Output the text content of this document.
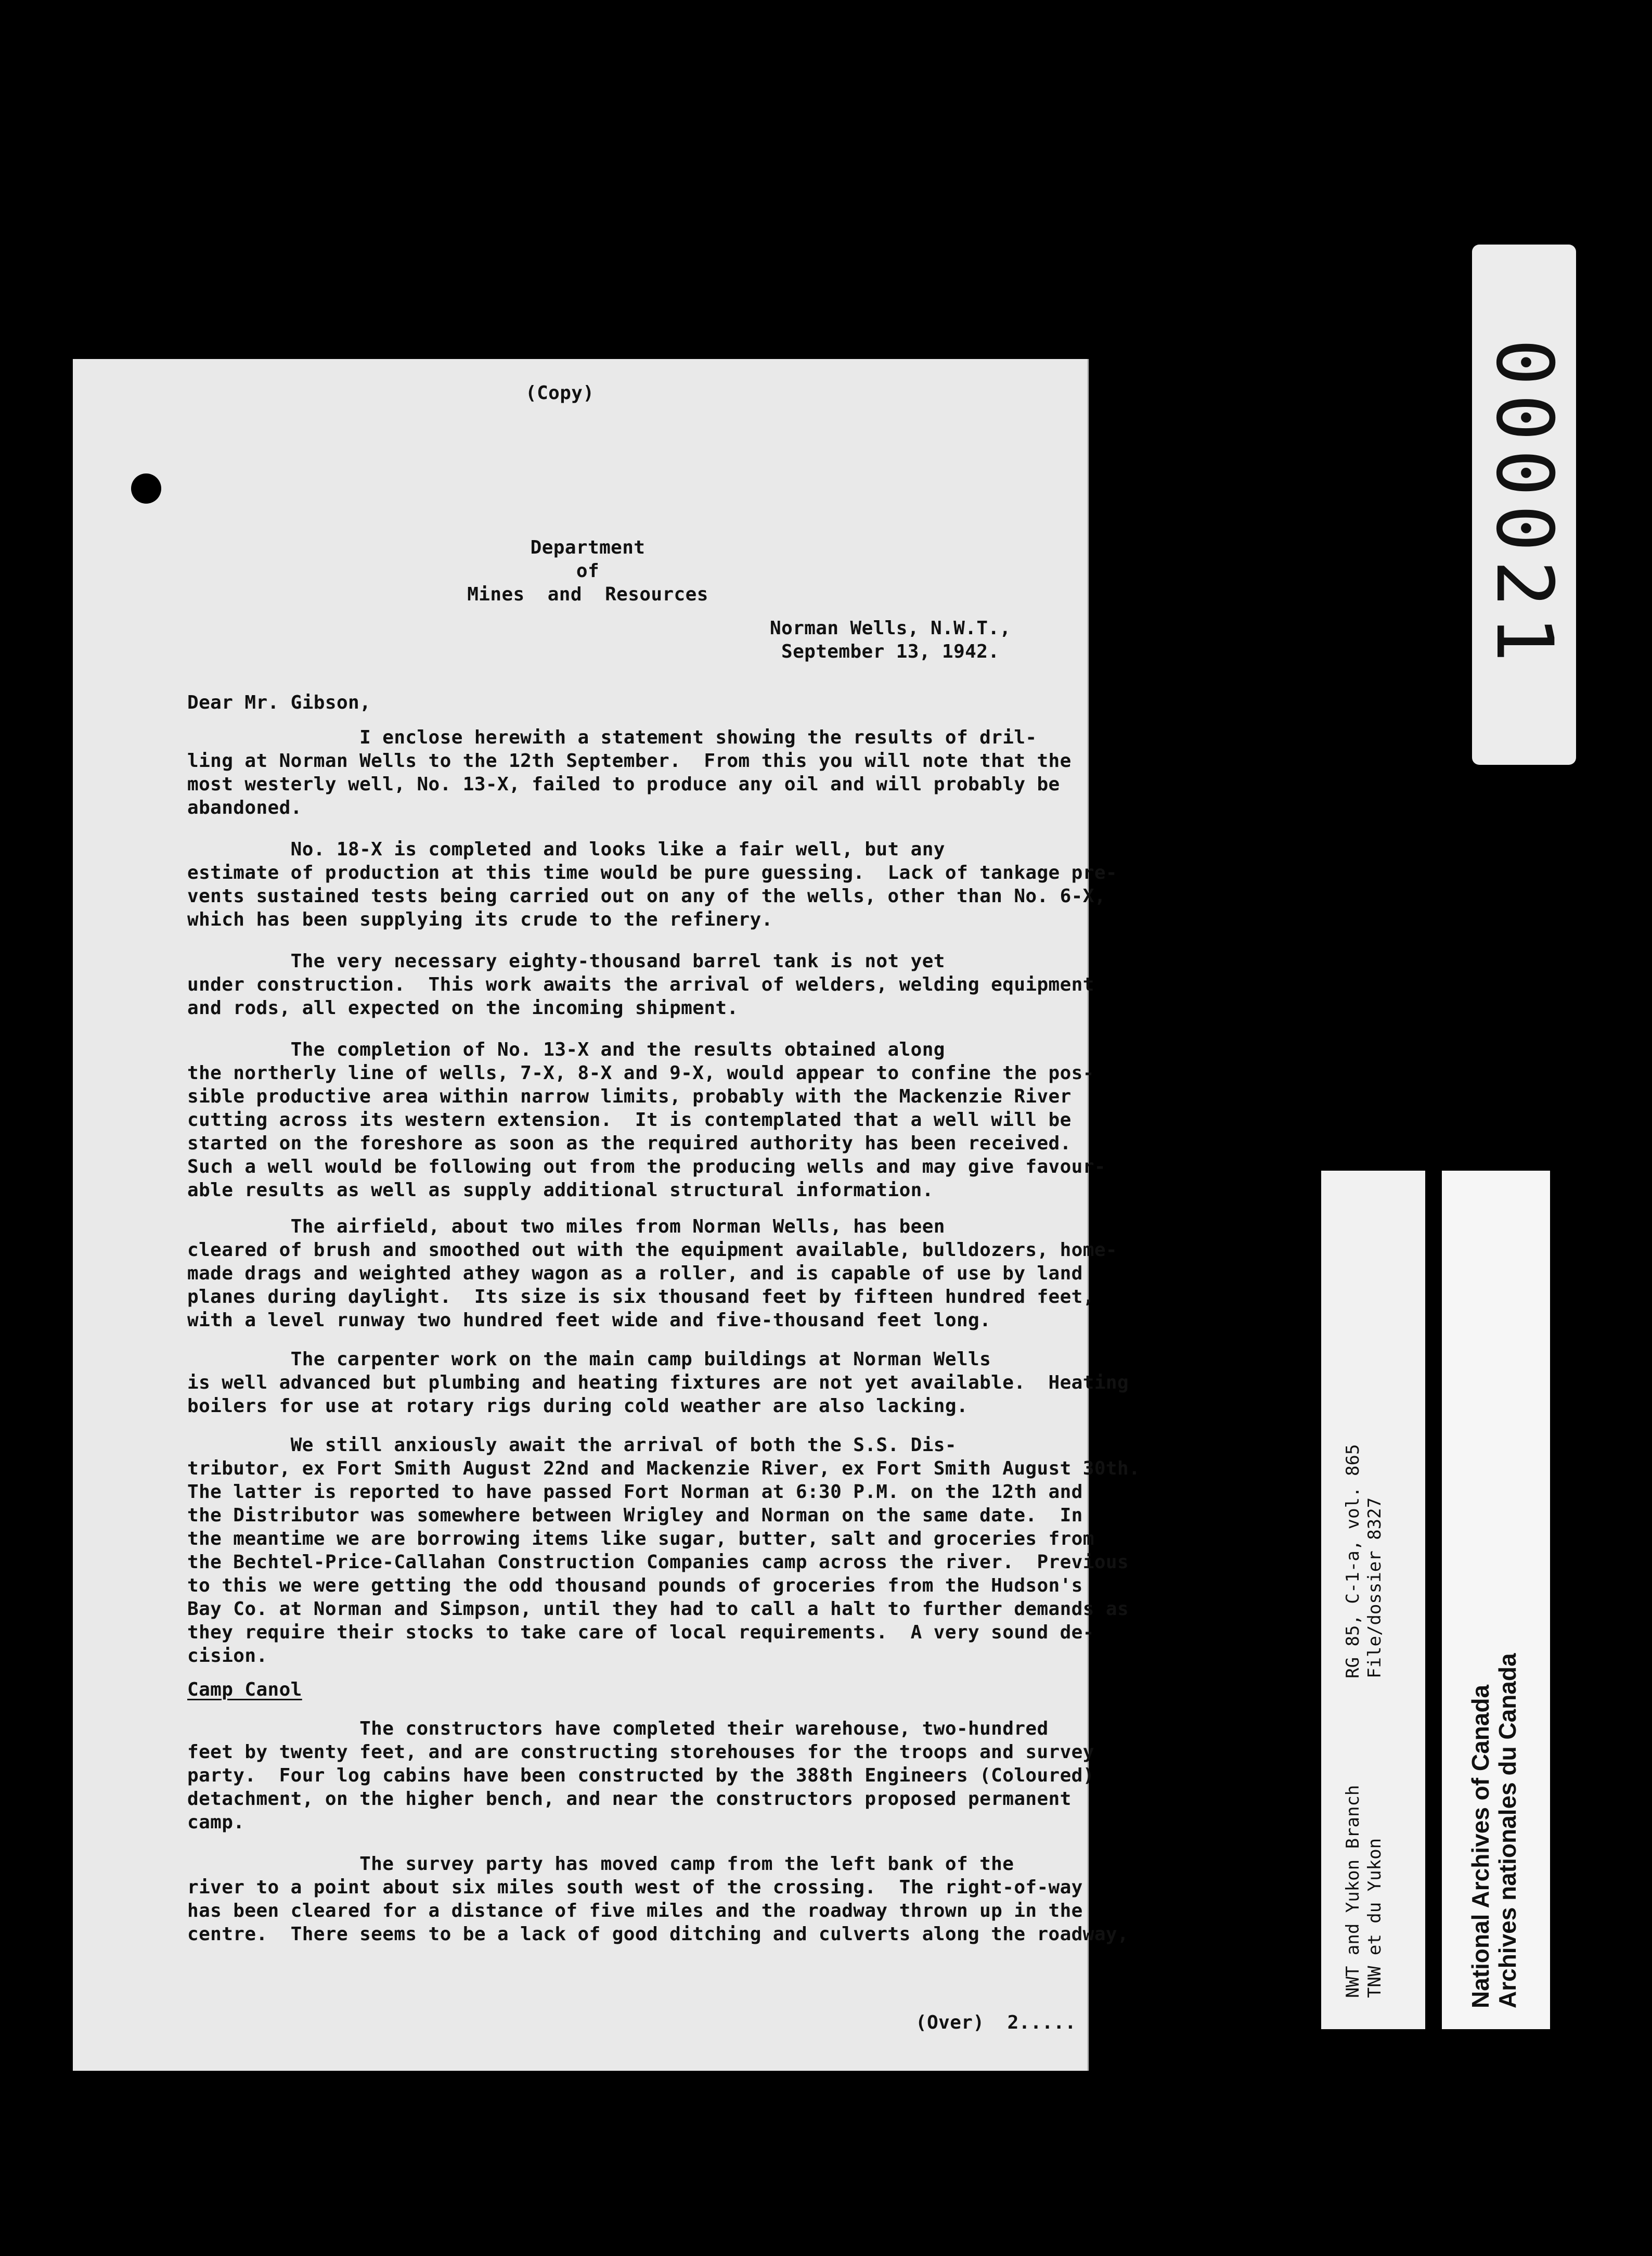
(Copy)
Department
of
Mines  and  Resources
Norman Wells, N.W.T.,
September 13, 1942.
Dear Mr. Gibson,
I enclose herewith a statement showing the results of dril-
ling at Norman Wells to the 12th September.  From this you will note that the
most westerly well, No. 13-X, failed to produce any oil and will probably be
abandoned.
No. 18-X is completed and looks like a fair well, but any
estimate of production at this time would be pure guessing.  Lack of tankage pre-
vents sustained tests being carried out on any of the wells, other than No. 6-X,
which has been supplying its crude to the refinery.
The very necessary eighty-thousand barrel tank is not yet
under construction.  This work awaits the arrival of welders, welding equipment
and rods, all expected on the incoming shipment.
The completion of No. 13-X and the results obtained along
the northerly line of wells, 7-X, 8-X and 9-X, would appear to confine the pos-
sible productive area within narrow limits, probably with the Mackenzie River
cutting across its western extension.  It is contemplated that a well will be
started on the foreshore as soon as the required authority has been received.
Such a well would be following out from the producing wells and may give favour-
able results as well as supply additional structural information.
The airfield, about two miles from Norman Wells, has been
cleared of brush and smoothed out with the equipment available, bulldozers, home-
made drags and weighted athey wagon as a roller, and is capable of use by land
planes during daylight.  Its size is six thousand feet by fifteen hundred feet,
with a level runway two hundred feet wide and five-thousand feet long.
The carpenter work on the main camp buildings at Norman Wells
is well advanced but plumbing and heating fixtures are not yet available.  Heating
boilers for use at rotary rigs during cold weather are also lacking.
We still anxiously await the arrival of both the S.S. Dis-
tributor, ex Fort Smith August 22nd and Mackenzie River, ex Fort Smith August 30th.
The latter is reported to have passed Fort Norman at 6:30 P.M. on the 12th and
the Distributor was somewhere between Wrigley and Norman on the same date.  In
the meantime we are borrowing items like sugar, butter, salt and groceries from
the Bechtel-Price-Callahan Construction Companies camp across the river.  Previous
to this we were getting the odd thousand pounds of groceries from the Hudson's
Bay Co. at Norman and Simpson, until they had to call a halt to further demands as
they require their stocks to take care of local requirements.  A very sound de-
cision.
Camp Canol
The constructors have completed their warehouse, two-hundred
feet by twenty feet, and are constructing storehouses for the troops and survey
party.  Four log cabins have been constructed by the 388th Engineers (Coloured)
detachment, on the higher bench, and near the constructors proposed permanent
camp.
The survey party has moved camp from the left bank of the
river to a point about six miles south west of the crossing.  The right-of-way
has been cleared for a distance of five miles and the roadway thrown up in the
centre.  There seems to be a lack of good ditching and culverts along the roadway,
(Over)  2.....
000021
NWT and Yukon Branch          RG 85, C-1-a, vol. 865 TNW et du Yukon               File/dossier 8327	National Archives of Canada Archives nationales du Canada
